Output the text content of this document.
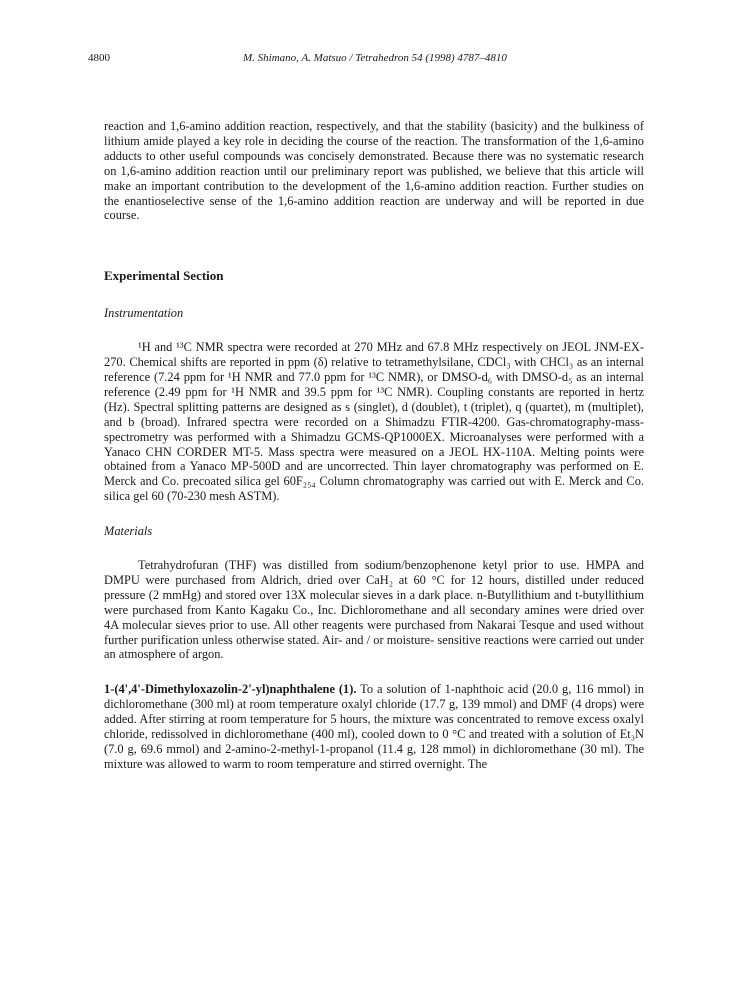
4800	M. Shimano, A. Matsuo / Tetrahedron 54 (1998) 4787–4810

reaction and 1,6-amino addition reaction, respectively, and that the stability (basicity) and the bulkiness of lithium amide played a key role in deciding the course of the reaction. The transformation of the 1,6-amino adducts to other useful compounds was concisely demonstrated. Because there was no systematic research on 1,6-amino addition reaction until our preliminary report was published, we believe that this article will make an important contribution to the development of the 1,6-amino addition reaction. Further studies on the enantioselective sense of the 1,6-amino addition reaction are underway and will be reported in due course.

Experimental Section
Instrumentation

¹H and ¹³C NMR spectra were recorded at 270 MHz and 67.8 MHz respectively on JEOL JNM-EX-270. Chemical shifts are reported in ppm (δ) relative to tetramethylsilane, CDCl₃ with CHCl₃ as an internal reference (7.24 ppm for ¹H NMR and 77.0 ppm for ¹³C NMR), or DMSO-d₆ with DMSO-d₅ as an internal reference (2.49 ppm for ¹H NMR and 39.5 ppm for ¹³C NMR). Coupling constants are reported in hertz (Hz). Spectral splitting patterns are designed as s (singlet), d (doublet), t (triplet), q (quartet), m (multiplet), and b (broad). Infrared spectra were recorded on a Shimadzu FTIR-4200. Gas-chromatography-mass-spectrometry was performed with a Shimadzu GCMS-QP1000EX. Microanalyses were performed with a Yanaco CHN CORDER MT-5. Mass spectra were measured on a JEOL HX-110A. Melting points were obtained from a Yanaco MP-500D and are uncorrected. Thin layer chromatography was performed on E. Merck and Co. precoated silica gel 60F₂₅₄ Column chromatography was carried out with E. Merck and Co. silica gel 60 (70-230 mesh ASTM).

Materials

Tetrahydrofuran (THF) was distilled from sodium/benzophenone ketyl prior to use. HMPA and DMPU were purchased from Aldrich, dried over CaH₂ at 60 °C for 12 hours, distilled under reduced pressure (2 mmHg) and stored over 13X molecular sieves in a dark place. n-Butyllithium and t-butyllithium were purchased from Kanto Kagaku Co., Inc. Dichloromethane and all secondary amines were dried over 4A molecular sieves prior to use. All other reagents were purchased from Nakarai Tesque and used without further purification unless otherwise stated. Air- and / or moisture- sensitive reactions were carried out under an atmosphere of argon.

1-(4',4'-Dimethyloxazolin-2'-yl)naphthalene (1). To a solution of 1-naphthoic acid (20.0 g, 116 mmol) in dichloromethane (300 ml) at room temperature oxalyl chloride (17.7 g, 139 mmol) and DMF (4 drops) were added. After stirring at room temperature for 5 hours, the mixture was concentrated to remove excess oxalyl chloride, redissolved in dichloromethane (400 ml), cooled down to 0 °C and treated with a solution of Et₃N (7.0 g, 69.6 mmol) and 2-amino-2-methyl-1-propanol (11.4 g, 128 mmol) in dichloromethane (30 ml). The mixture was allowed to warm to room temperature and stirred overnight. The
